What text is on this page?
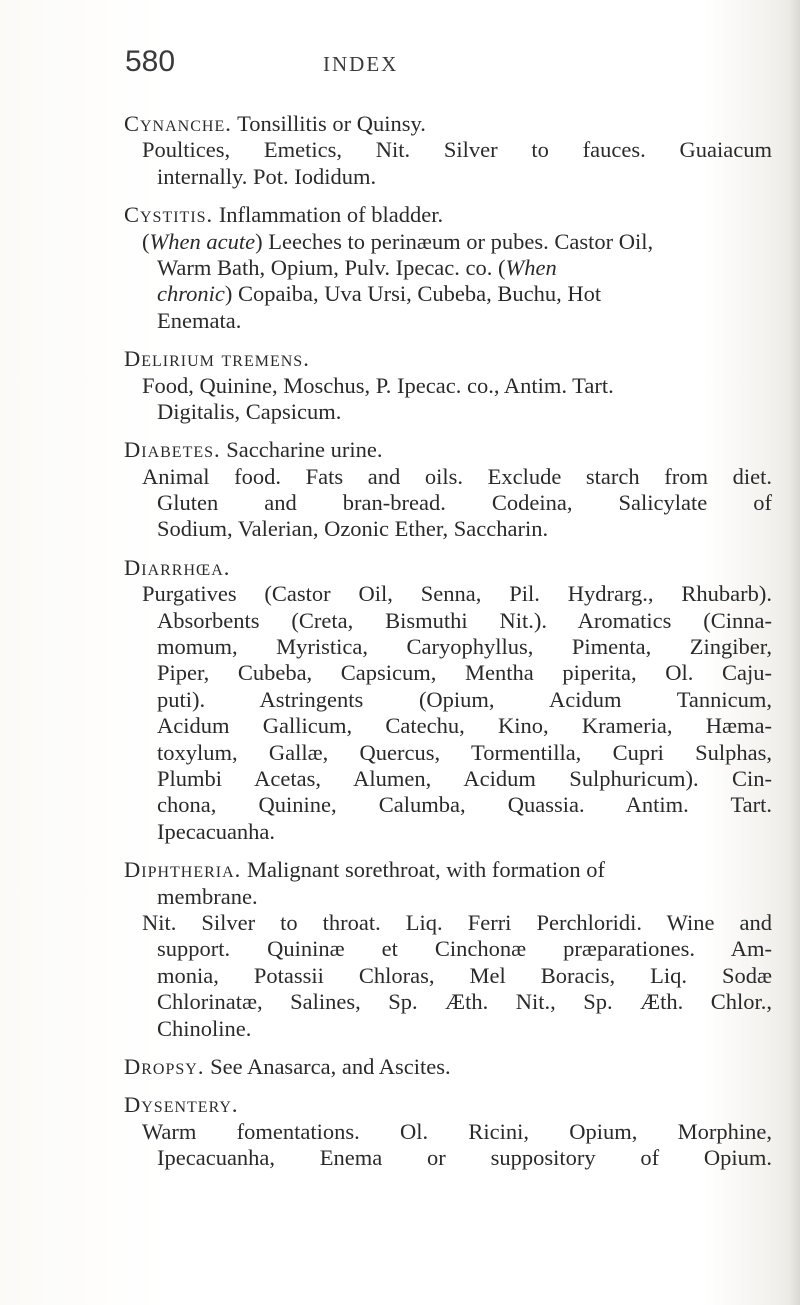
580	INDEX
Cynanche. Tonsillitis or Quinsy.
Poultices, Emetics, Nit. Silver to fauces. Guaiacum
internally. Pot. Iodidum.
Cystitis. Inflammation of bladder.
(When acute) Leeches to perinæum or pubes. Castor Oil,
Warm Bath, Opium, Pulv. Ipecac. co. (When
chronic) Copaiba, Uva Ursi, Cubeba, Buchu, Hot
Enemata.
Delirium tremens.
Food, Quinine, Moschus, P. Ipecac. co., Antim. Tart.
Digitalis, Capsicum.
Diabetes. Saccharine urine.
Animal food. Fats and oils. Exclude starch from diet.
Gluten and bran-bread. Codeina, Salicylate of
Sodium, Valerian, Ozonic Ether, Saccharin.
Diarrhœa.
Purgatives (Castor Oil, Senna, Pil. Hydrarg., Rhubarb).
Absorbents (Creta, Bismuthi Nit.). Aromatics (Cinna-
momum, Myristica, Caryophyllus, Pimenta, Zingiber,
Piper, Cubeba, Capsicum, Mentha piperita, Ol. Caju-
puti). Astringents (Opium, Acidum Tannicum,
Acidum Gallicum, Catechu, Kino, Krameria, Hæma-
toxylum, Gallæ, Quercus, Tormentilla, Cupri Sulphas,
Plumbi Acetas, Alumen, Acidum Sulphuricum). Cin-
chona, Quinine, Calumba, Quassia. Antim. Tart.
Ipecacuanha.
Diphtheria. Malignant sorethroat, with formation of
membrane.
Nit. Silver to throat. Liq. Ferri Perchloridi. Wine and
support. Quininæ et Cinchonæ præparationes. Am-
monia, Potassii Chloras, Mel Boracis, Liq. Sodæ
Chlorinatæ, Salines, Sp. Æth. Nit., Sp. Æth. Chlor.,
Chinoline.
Dropsy. See Anasarca, and Ascites.
Dysentery.
Warm fomentations. Ol. Ricini, Opium, Morphine,
Ipecacuanha, Enema or suppository of Opium.
